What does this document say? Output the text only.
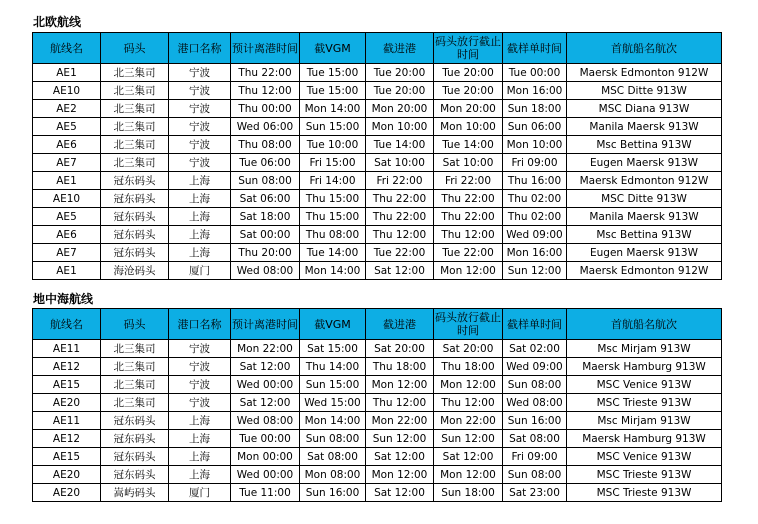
北欧航线
航线名	码头	港口名称	预计离港时间	截VGM	截进港	码头放行截止时间	截样单时间	首航船名航次
AE1	北三集司	宁波	Thu 22:00	Tue 15:00	Tue 20:00	Tue 20:00	Tue 00:00	Maersk Edmonton 912W
AE10	北三集司	宁波	Thu 12:00	Tue 15:00	Tue 20:00	Tue 20:00	Mon 16:00	MSC Ditte 913W
AE2	北三集司	宁波	Thu 00:00	Mon 14:00	Mon 20:00	Mon 20:00	Sun 18:00	MSC Diana 913W
AE5	北三集司	宁波	Wed 06:00	Sun 15:00	Mon 10:00	Mon 10:00	Sun 06:00	Manila Maersk 913W
AE6	北三集司	宁波	Thu 08:00	Tue 10:00	Tue 14:00	Tue 14:00	Mon 10:00	Msc Bettina 913W
AE7	北三集司	宁波	Tue 06:00	Fri 15:00	Sat 10:00	Sat 10:00	Fri 09:00	Eugen Maersk 913W
AE1	冠东码头	上海	Sun 08:00	Fri 14:00	Fri 22:00	Fri 22:00	Thu 16:00	Maersk Edmonton 912W
AE10	冠东码头	上海	Sat 06:00	Thu 15:00	Thu 22:00	Thu 22:00	Thu 02:00	MSC Ditte 913W
AE5	冠东码头	上海	Sat 18:00	Thu 15:00	Thu 22:00	Thu 22:00	Thu 02:00	Manila Maersk 913W
AE6	冠东码头	上海	Sat 00:00	Thu 08:00	Thu 12:00	Thu 12:00	Wed 09:00	Msc Bettina 913W
AE7	冠东码头	上海	Thu 20:00	Tue 14:00	Tue 22:00	Tue 22:00	Mon 16:00	Eugen Maersk 913W
AE1	海沧码头	厦门	Wed 08:00	Mon 14:00	Sat 12:00	Mon 12:00	Sun 12:00	Maersk Edmonton 912W
地中海航线
航线名	码头	港口名称	预计离港时间	截VGM	截进港	码头放行截止时间	截样单时间	首航船名航次
AE11	北三集司	宁波	Mon 22:00	Sat 15:00	Sat 20:00	Sat 20:00	Sat 02:00	Msc Mirjam 913W
AE12	北三集司	宁波	Sat 12:00	Thu 14:00	Thu 18:00	Thu 18:00	Wed 09:00	Maersk Hamburg 913W
AE15	北三集司	宁波	Wed 00:00	Sun 15:00	Mon 12:00	Mon 12:00	Sun 08:00	MSC Venice 913W
AE20	北三集司	宁波	Sat 12:00	Wed 15:00	Thu 12:00	Thu 12:00	Wed 08:00	MSC Trieste 913W
AE11	冠东码头	上海	Wed 08:00	Mon 14:00	Mon 22:00	Mon 22:00	Sun 16:00	Msc Mirjam 913W
AE12	冠东码头	上海	Tue 00:00	Sun 08:00	Sun 12:00	Sun 12:00	Sat 08:00	Maersk Hamburg 913W
AE15	冠东码头	上海	Mon 00:00	Sat 08:00	Sat 12:00	Sat 12:00	Fri 09:00	MSC Venice 913W
AE20	冠东码头	上海	Wed 00:00	Mon 08:00	Mon 12:00	Mon 12:00	Sun 08:00	MSC Trieste 913W
AE20	嵩屿码头	厦门	Tue 11:00	Sun 16:00	Sat 12:00	Sun 18:00	Sat 23:00	MSC Trieste 913W
